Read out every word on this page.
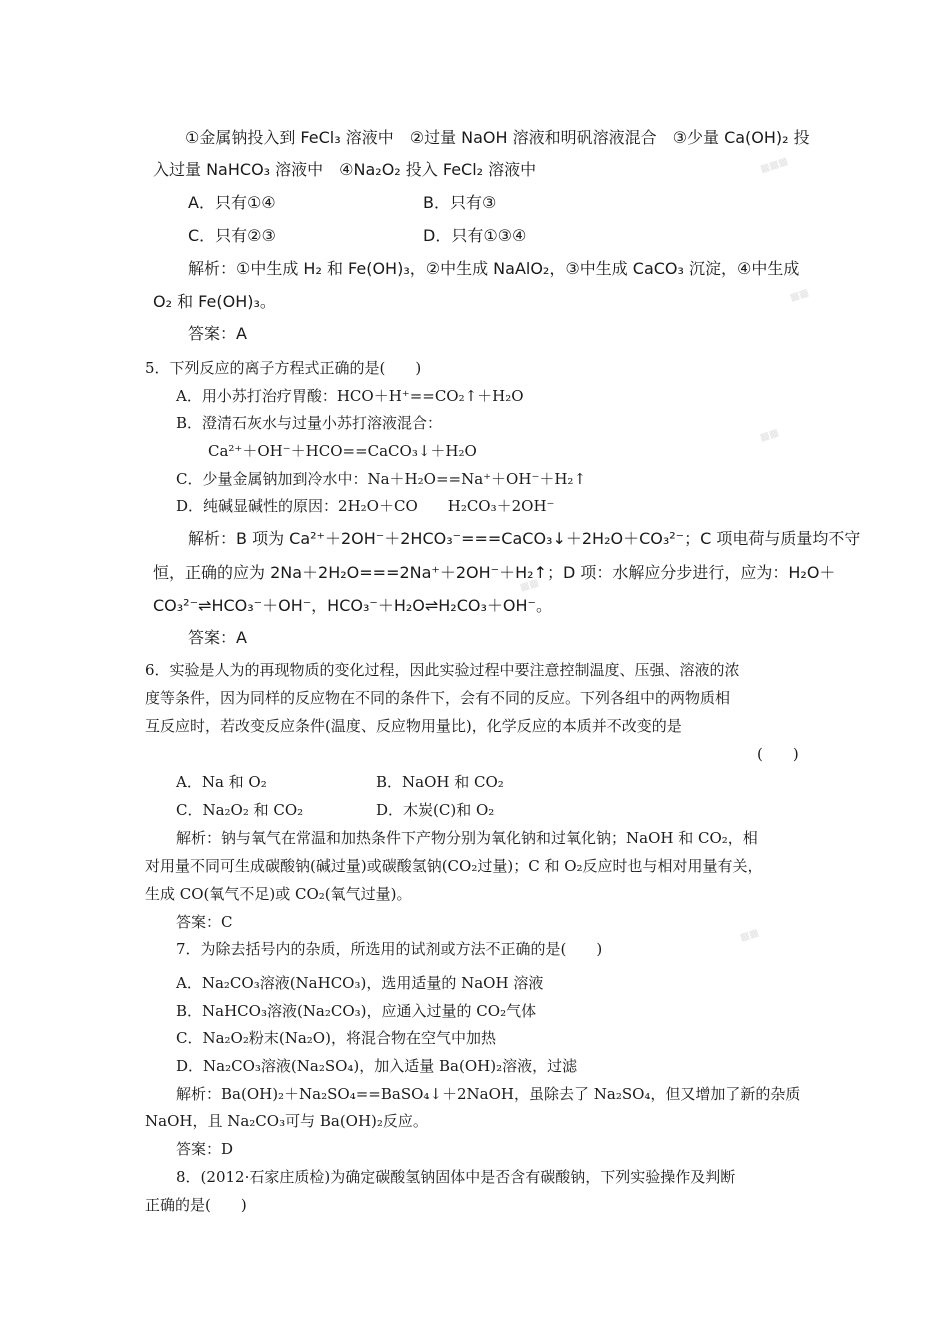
▦▦▦
▦▦
▦▦
▦▦
▦▦
①金属钠投入到 FeCl₃ 溶液中　②过量 NaOH 溶液和明矾溶液混合　③少量 Ca(OH)₂ 投
入过量 NaHCO₃ 溶液中　④Na₂O₂ 投入 FeCl₂ 溶液中
A．只有①④	B．只有③
C．只有②③	D．只有①③④
解析：①中生成 H₂ 和 Fe(OH)₃，②中生成 NaAlO₂，③中生成 CaCO₃ 沉淀，④中生成
O₂ 和 Fe(OH)₃。
答案：A
5．下列反应的离子方程式正确的是(　　)
A．用小苏打治疗胃酸：HCO＋H⁺==CO₂↑＋H₂O
B．澄清石灰水与过量小苏打溶液混合：
Ca²⁺＋OH⁻＋HCO==CaCO₃↓＋H₂O
C．少量金属钠加到冷水中：Na＋H₂O==Na⁺＋OH⁻＋H₂↑
D．纯碱显碱性的原因：2H₂O＋CO　　H₂CO₃＋2OH⁻
解析：B 项为 Ca²⁺＋2OH⁻＋2HCO₃⁻===CaCO₃↓＋2H₂O＋CO₃²⁻；C 项电荷与质量均不守
恒，正确的应为 2Na＋2H₂O===2Na⁺＋2OH⁻＋H₂↑；D 项：水解应分步进行，应为：H₂O＋
CO₃²⁻⇌HCO₃⁻＋OH⁻，HCO₃⁻＋H₂O⇌H₂CO₃＋OH⁻。
答案：A
6．实验是人为的再现物质的变化过程，因此实验过程中要注意控制温度、压强、溶液的浓
度等条件，因为同样的反应物在不同的条件下，会有不同的反应。下列各组中的两物质相
互反应时，若改变反应条件(温度、反应物用量比)，化学反应的本质并不改变的是
(　　)
A．Na 和 O₂	B．NaOH 和 CO₂
C．Na₂O₂ 和 CO₂	D．木炭(C)和 O₂
解析：钠与氧气在常温和加热条件下产物分别为氧化钠和过氧化钠；NaOH 和 CO₂，相
对用量不同可生成碳酸钠(碱过量)或碳酸氢钠(CO₂过量)；C 和 O₂反应时也与相对用量有关，
生成 CO(氧气不足)或 CO₂(氧气过量)。
答案：C
7．为除去括号内的杂质，所选用的试剂或方法不正确的是(　　)
A．Na₂CO₃溶液(NaHCO₃)，选用适量的 NaOH 溶液
B．NaHCO₃溶液(Na₂CO₃)，应通入过量的 CO₂气体
C．Na₂O₂粉末(Na₂O)，将混合物在空气中加热
D．Na₂CO₃溶液(Na₂SO₄)，加入适量 Ba(OH)₂溶液，过滤
解析：Ba(OH)₂＋Na₂SO₄==BaSO₄↓＋2NaOH，虽除去了 Na₂SO₄，但又增加了新的杂质
NaOH，且 Na₂CO₃可与 Ba(OH)₂反应。
答案：D
8．(2012·石家庄质检)为确定碳酸氢钠固体中是否含有碳酸钠，下列实验操作及判断
正确的是(　　)
